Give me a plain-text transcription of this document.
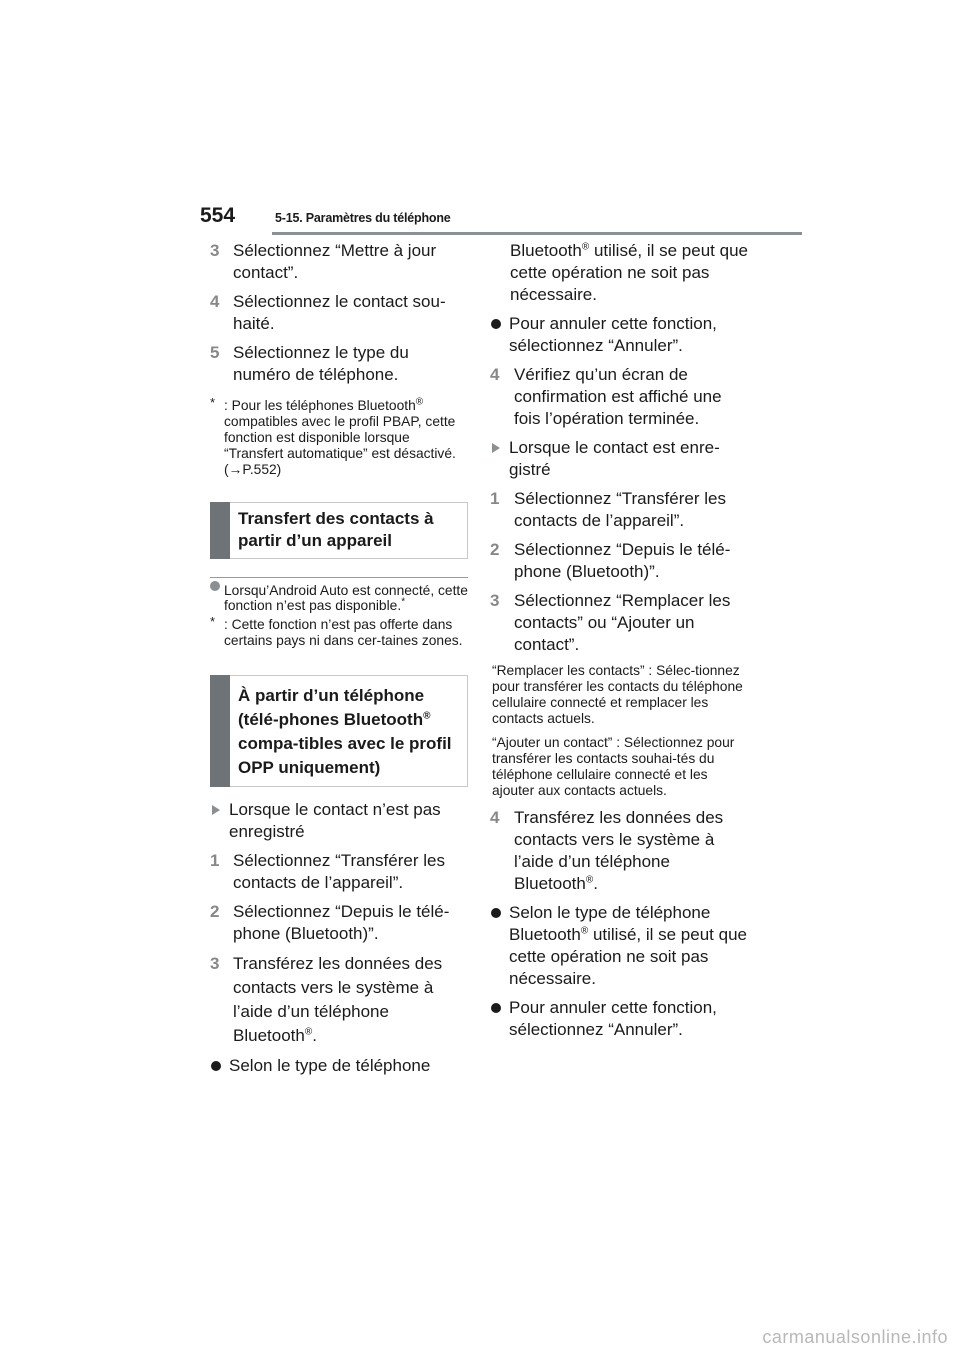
554	5-15. Paramètres du téléphone
3 Sélectionnez “Mettre à jour contact”.
4 Sélectionnez le contact sou-haité.
5 Sélectionnez le type du numéro de téléphone.
* : Pour les téléphones Bluetooth® compatibles avec le profil PBAP, cette fonction est disponible lorsque “Transfert automatique” est désactivé. (→P.552)
Transfert des contacts à partir d’un appareil
Lorsqu’Android Auto est connecté, cette fonction n’est pas disponible.*
* : Cette fonction n’est pas offerte dans certains pays ni dans cer-taines zones.
À partir d’un téléphone (télé-phones Bluetooth® compa-tibles avec le profil OPP uniquement)
Lorsque le contact n’est pas enregistré
1 Sélectionnez “Transférer les contacts de l’appareil”.
2 Sélectionnez “Depuis le télé-phone (Bluetooth)”.
3 Transférez les données des contacts vers le système à l’aide d’un téléphone Bluetooth®.
Selon le type de téléphone
Bluetooth® utilisé, il se peut que cette opération ne soit pas nécessaire.
Pour annuler cette fonction, sélectionnez “Annuler”.
4 Vérifiez qu’un écran de confirmation est affiché une fois l’opération terminée.
Lorsque le contact est enre-gistré
1 Sélectionnez “Transférer les contacts de l’appareil”.
2 Sélectionnez “Depuis le télé-phone (Bluetooth)”.
3 Sélectionnez “Remplacer les contacts” ou “Ajouter un contact”.
“Remplacer les contacts” : Sélec-tionnez pour transférer les contacts du téléphone cellulaire connecté et remplacer les contacts actuels.
“Ajouter un contact” : Sélectionnez pour transférer les contacts souhai-tés du téléphone cellulaire connecté et les ajouter aux contacts actuels.
4 Transférez les données des contacts vers le système à l’aide d’un téléphone Bluetooth®.
Selon le type de téléphone Bluetooth® utilisé, il se peut que cette opération ne soit pas nécessaire.
Pour annuler cette fonction, sélectionnez “Annuler”.
carmanualsonline.info
